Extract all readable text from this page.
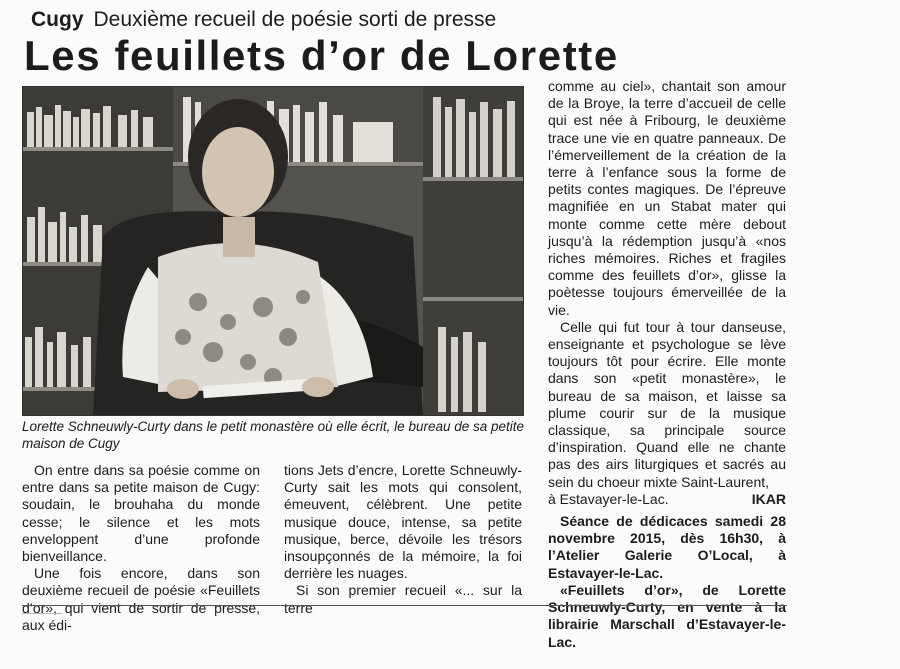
Cugy Deuxième recueil de poésie sorti de presse
Les feuillets d’or de Lorette
Lorette Schneuwly-Curty dans le petit monastère où elle écrit, le bureau de sa petite maison de Cugy

On entre dans sa poésie comme on entre dans sa petite maison de Cugy: soudain, le brouhaha du monde cesse; le silence et les mots enveloppent d’une profonde bienveillance.

Une fois encore, dans son deuxième recueil de poésie «Feuillets d’or», qui vient de sortir de presse, aux édi-

tions Jets d’encre, Lorette Schneuwly-Curty sait les mots qui consolent, émeuvent, célèbrent. Une petite musique douce, intense, sa petite musique, berce, dévoile les trésors insoupçonnés de la mémoire, la foi derrière les nuages.

Si son premier recueil «... sur la terre

comme au ciel», chantait son amour de la Broye, la terre d’accueil de celle qui est née à Fribourg, le deuxième trace une vie en quatre panneaux. De l’émerveillement de la création de la terre à l’enfance sous la forme de petits contes magiques. De l’épreuve magnifiée en un Stabat mater qui monte comme cette mère debout jusqu’à la rédemption jusqu’à «nos riches mémoires. Riches et fragiles comme des feuillets d’or», glisse la poètesse toujours émerveillée de la vie.

Celle qui fut tour à tour danseuse, enseignante et psychologue se lève toujours tôt pour écrire. Elle monte dans son «petit monastère», le bureau de sa maison, et laisse sa plume courir sur de la musique classique, sa principale source d’inspiration. Quand elle ne chante pas des airs liturgiques et sacrés au sein du choeur mixte Saint-Laurent,

à Estavayer-le-Lac.	IKAR

Séance de dédicaces samedi 28 novembre 2015, dès 16h30, à l’Atelier Galerie O’Local, à Estavayer-le-Lac.

«Feuillets d’or», de Lorette Schneuwly-Curty, en vente à la librairie Marschall d’Estavayer-le-Lac.
